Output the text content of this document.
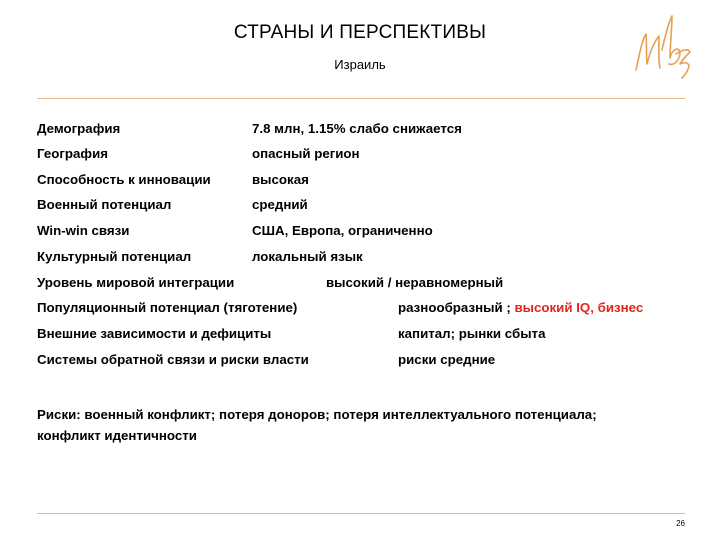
СТРАНЫ И ПЕРСПЕКТИВЫ
Израиль
Демография	7.8 млн, 1.15% слабо снижается
География	опасный регион
Способность к инновации	высокая
Военный потенциал	средний
Win-win связи	США, Европа, ограниченно
Культурный потенциал	локальный язык
Уровень мировой интеграции	высокий / неравномерный
Популяционный потенциал (тяготение)	разнообразный ; высокий IQ, бизнес
Внешние зависимости и дефициты	капитал; рынки сбыта
Системы обратной связи и риски власти	риски средние
Риски: военный конфликт; потеря доноров; потеря интеллектуального потенциала;
конфликт идентичности
26
